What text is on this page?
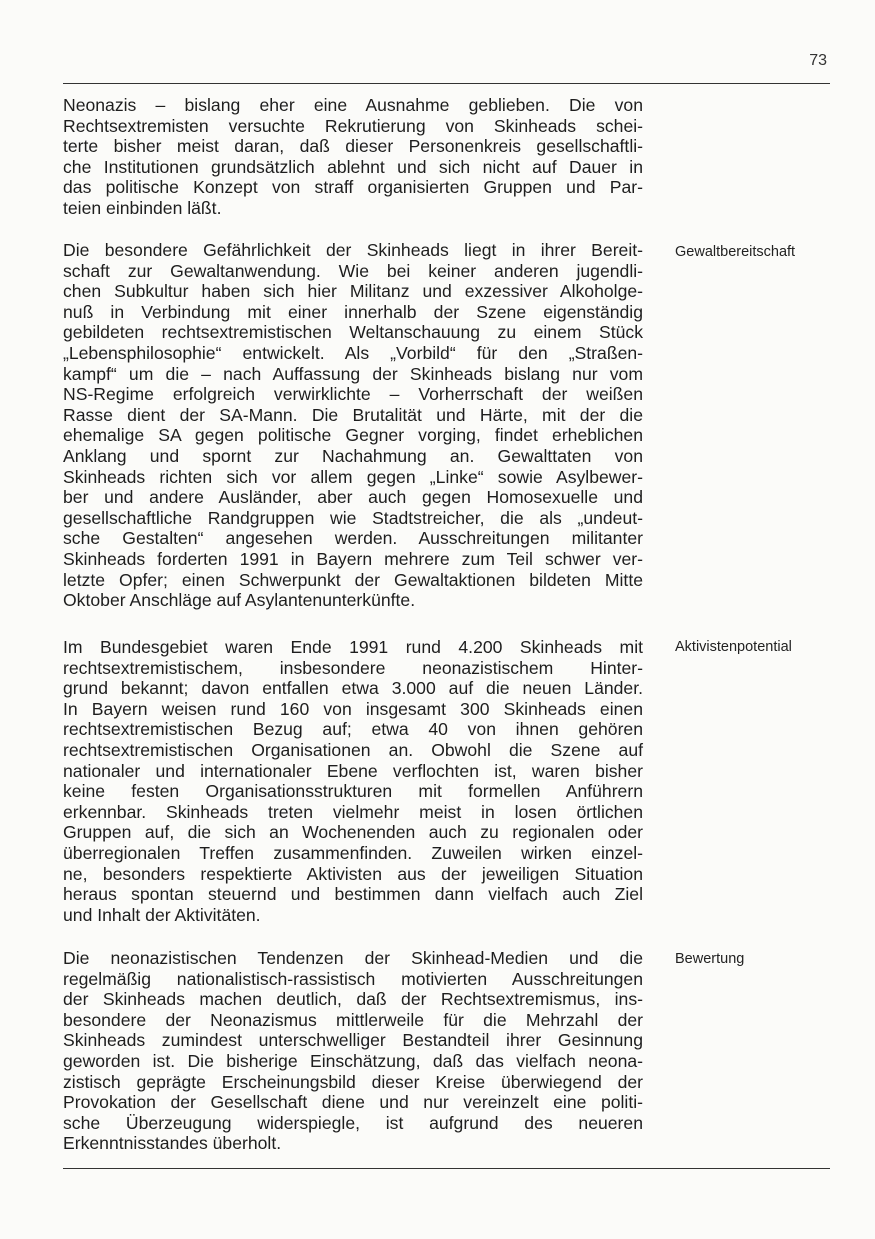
73
Neonazis – bislang eher eine Ausnahme geblieben. Die von
Rechtsextremisten versuchte Rekrutierung von Skinheads schei-
terte bisher meist daran, daß dieser Personenkreis gesellschaftli-
che Institutionen grundsätzlich ablehnt und sich nicht auf Dauer in
das politische Konzept von straff organisierten Gruppen und Par-
teien einbinden läßt.
Die besondere Gefährlichkeit der Skinheads liegt in ihrer Bereit-
schaft zur Gewaltanwendung. Wie bei keiner anderen jugendli-
chen Subkultur haben sich hier Militanz und exzessiver Alkoholge-
nuß in Verbindung mit einer innerhalb der Szene eigenständig
gebildeten rechtsextremistischen Weltanschauung zu einem Stück
„Lebensphilosophie“ entwickelt. Als „Vorbild“ für den „Straßen-
kampf“ um die – nach Auffassung der Skinheads bislang nur vom
NS-Regime erfolgreich verwirklichte – Vorherrschaft der weißen
Rasse dient der SA-Mann. Die Brutalität und Härte, mit der die
ehemalige SA gegen politische Gegner vorging, findet erheblichen
Anklang und spornt zur Nachahmung an. Gewalttaten von
Skinheads richten sich vor allem gegen „Linke“ sowie Asylbewer-
ber und andere Ausländer, aber auch gegen Homosexuelle und
gesellschaftliche Randgruppen wie Stadtstreicher, die als „undeut-
sche Gestalten“ angesehen werden. Ausschreitungen militanter
Skinheads forderten 1991 in Bayern mehrere zum Teil schwer ver-
letzte Opfer; einen Schwerpunkt der Gewaltaktionen bildeten Mitte
Oktober Anschläge auf Asylantenunterkünfte.
Im Bundesgebiet waren Ende 1991 rund 4.200 Skinheads mit
rechtsextremistischem, insbesondere neonazistischem Hinter-
grund bekannt; davon entfallen etwa 3.000 auf die neuen Länder.
In Bayern weisen rund 160 von insgesamt 300 Skinheads einen
rechtsextremistischen Bezug auf; etwa 40 von ihnen gehören
rechtsextremistischen Organisationen an. Obwohl die Szene auf
nationaler und internationaler Ebene verflochten ist, waren bisher
keine festen Organisationsstrukturen mit formellen Anführern
erkennbar. Skinheads treten vielmehr meist in losen örtlichen
Gruppen auf, die sich an Wochenenden auch zu regionalen oder
überregionalen Treffen zusammenfinden. Zuweilen wirken einzel-
ne, besonders respektierte Aktivisten aus der jeweiligen Situation
heraus spontan steuernd und bestimmen dann vielfach auch Ziel
und Inhalt der Aktivitäten.
Die neonazistischen Tendenzen der Skinhead-Medien und die
regelmäßig nationalistisch-rassistisch motivierten Ausschreitungen
der Skinheads machen deutlich, daß der Rechtsextremismus, ins-
besondere der Neonazismus mittlerweile für die Mehrzahl der
Skinheads zumindest unterschwelliger Bestandteil ihrer Gesinnung
geworden ist. Die bisherige Einschätzung, daß das vielfach neona-
zistisch geprägte Erscheinungsbild dieser Kreise überwiegend der
Provokation der Gesellschaft diene und nur vereinzelt eine politi-
sche Überzeugung widerspiegle, ist aufgrund des neueren
Erkenntnisstandes überholt.
Gewaltbereitschaft
Aktivistenpotential
Bewertung
